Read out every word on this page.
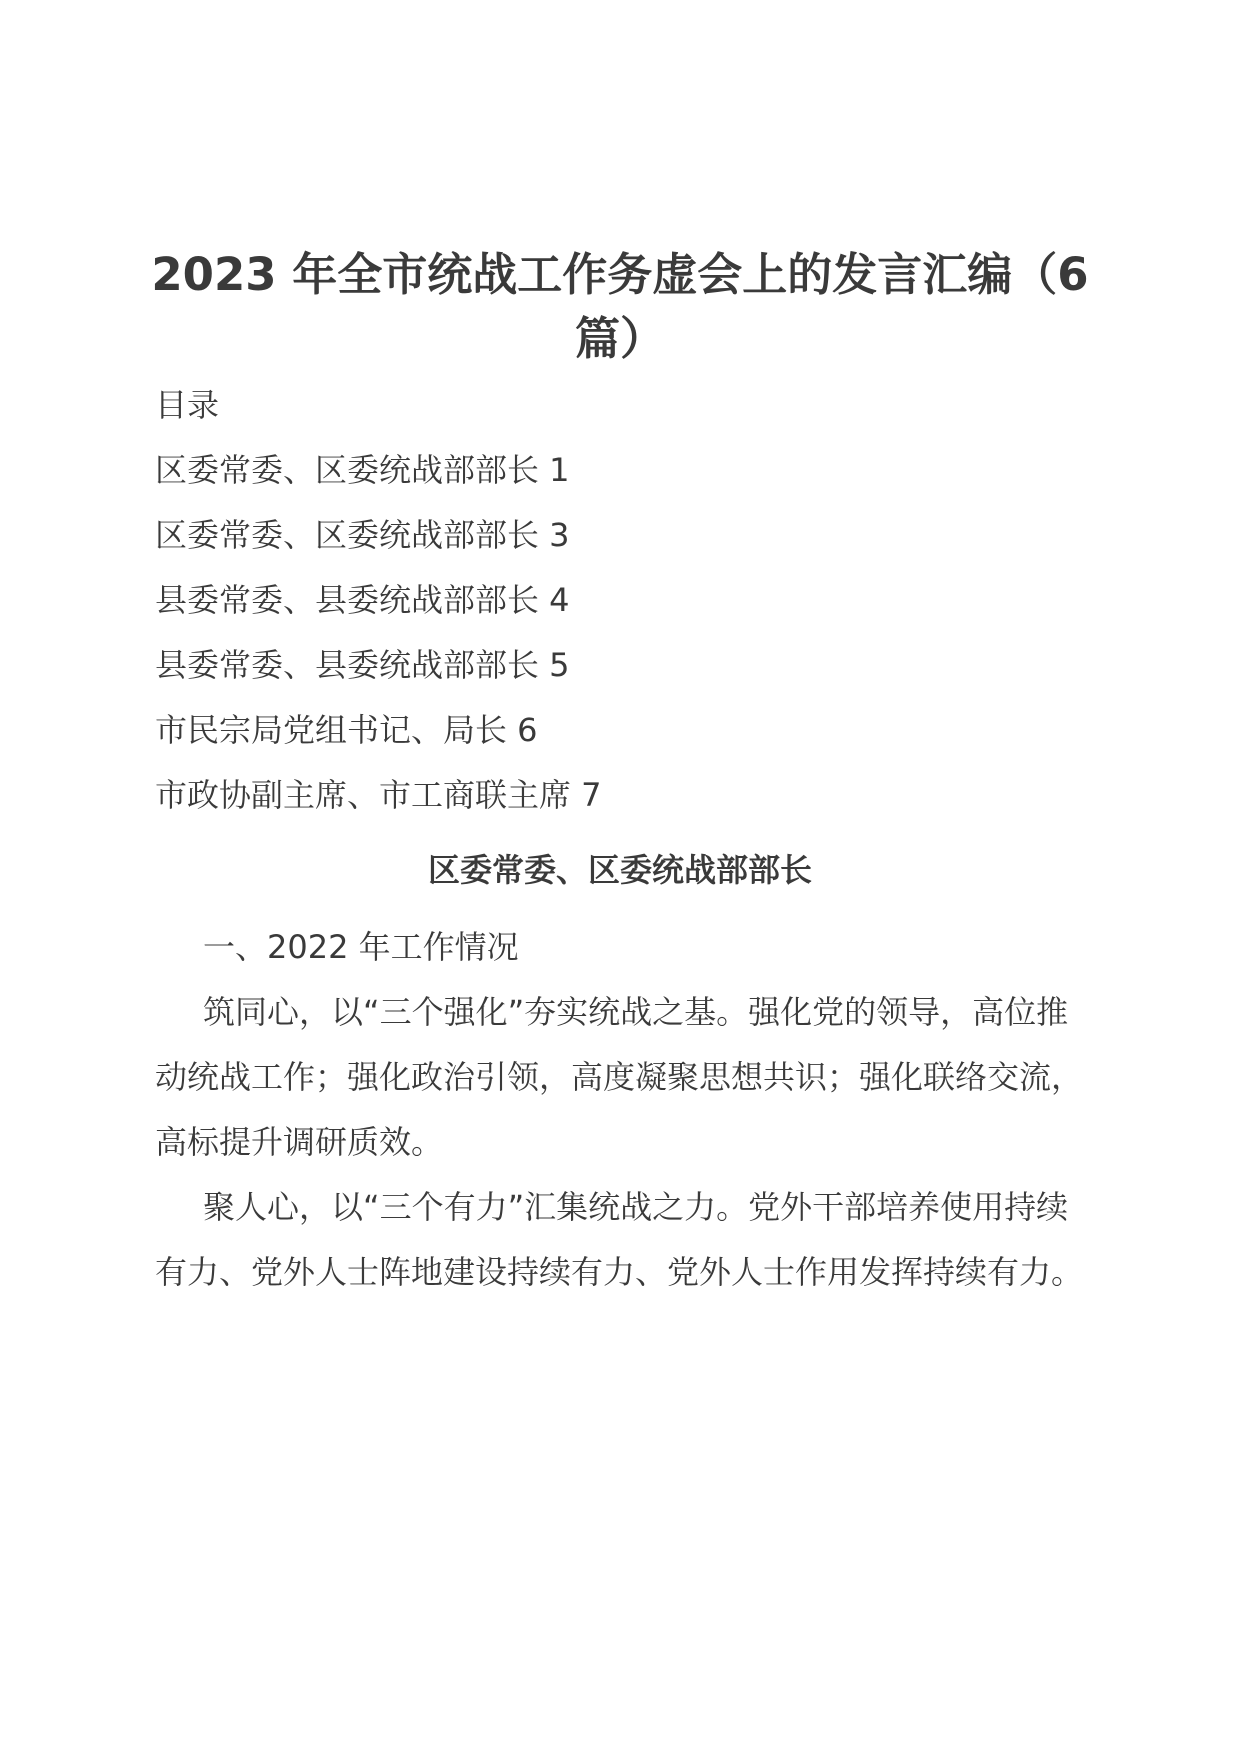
2023 年全市统战工作务虚会上的发言汇编（6
篇）
目录
区委常委、区委统战部部长 1
区委常委、区委统战部部长 3
县委常委、县委统战部部长 4
县委常委、县委统战部部长 5
市民宗局党组书记、局长 6
市政协副主席、市工商联主席 7
区委常委、区委统战部部长
一、2022 年工作情况

筑同心，以“三个强化”夯实统战之基。强化党的领导，高位推动统战工作；强化政治引领，高度凝聚思想共识；强化联络交流，高标提升调研质效。

聚人心，以“三个有力”汇集统战之力。党外干部培养使用持续有力、党外人士阵地建设持续有力、党外人士作用发挥持续有力。
